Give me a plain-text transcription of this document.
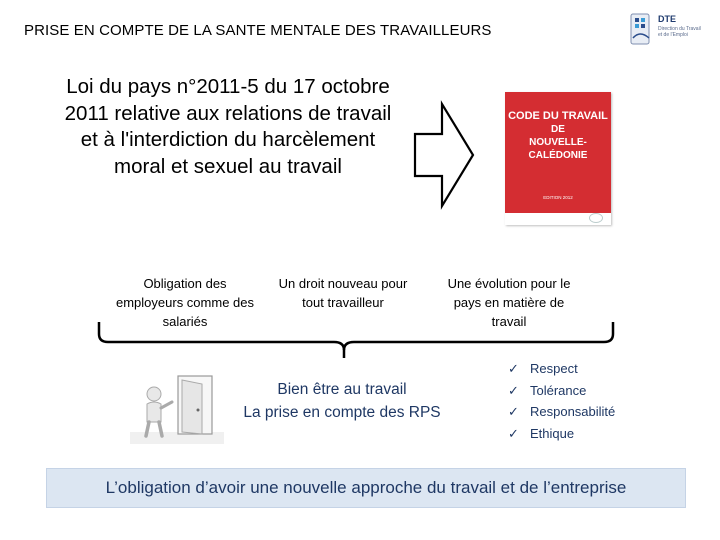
PRISE EN COMPTE DE LA SANTE MENTALE DES TRAVAILLEURS
DTE
Direction du Travail et de l'Emploi
Loi du pays n°2011-5 du 17 octobre 2011 relative aux relations de travail et à l'interdiction du harcèlement moral et sexuel au travail
CODE DU TRAVAIL
DE
NOUVELLE-CALÉDONIE
EDITION 2012
Obligation des employeurs comme des salariés
Un droit nouveau pour tout travailleur
Une évolution pour le pays en matière de travail
Bien être au travail
La prise en compte des RPS
✓ Respect
✓ Tolérance
✓ Responsabilité
✓ Ethique
L’obligation d’avoir une nouvelle approche du travail et de l’entreprise
